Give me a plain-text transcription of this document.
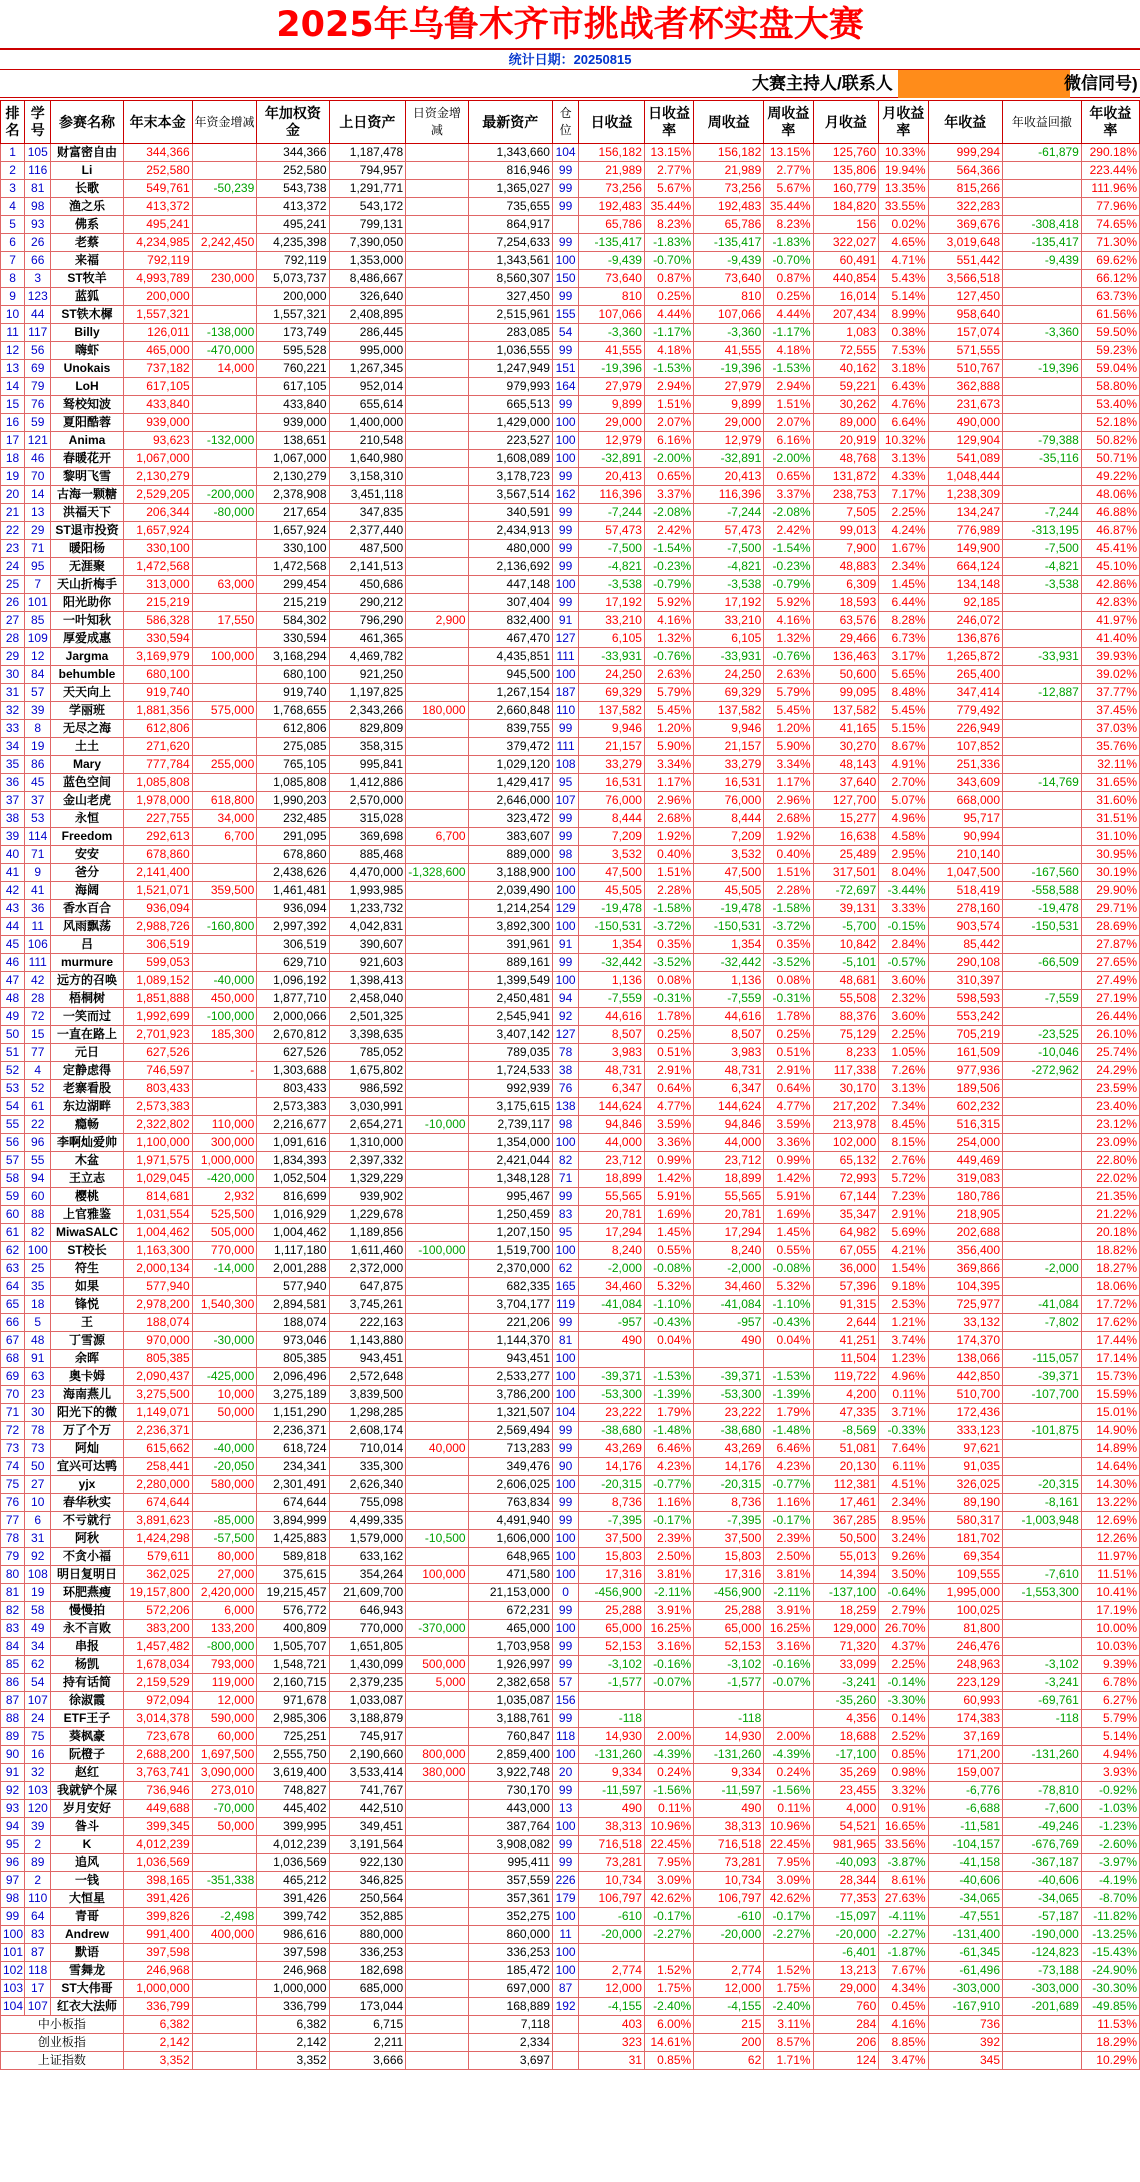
2025年乌鲁木齐市挑战者杯实盘大赛
统计日期：20250815
大赛主持人/联系人	微信同号)
排名	学号	参赛名称	年末本金	年资金增减	年加权资金	上日资产	日资金增减	最新资产	仓位	日收益	日收益率	周收益	周收益率	月收益	月收益率	年收益	年收益回撤	年收益率
1	105	财富密自由	344,366		344,366	1,187,478		1,343,660	104	156,182	13.15%	156,182	13.15%	125,760	10.33%	999,294	-61,879	290.18%
2	116	Li	252,580		252,580	794,957		816,946	99	21,989	2.77%	21,989	2.77%	135,806	19.94%	564,366		223.44%
3	81	长歌	549,761	-50,239	543,738	1,291,771		1,365,027	99	73,256	5.67%	73,256	5.67%	160,779	13.35%	815,266		111.96%
4	98	渔之乐	413,372		413,372	543,172		735,655	99	192,483	35.44%	192,483	35.44%	184,820	33.55%	322,283		77.96%
5	93	佛系	495,241		495,241	799,131		864,917		65,786	8.23%	65,786	8.23%	156	0.02%	369,676	-308,418	74.65%
6	26	老蔡	4,234,985	2,242,450	4,235,398	7,390,050		7,254,633	99	-135,417	-1.83%	-135,417	-1.83%	322,027	4.65%	3,019,648	-135,417	71.30%
7	66	来福	792,119		792,119	1,353,000		1,343,561	100	-9,439	-0.70%	-9,439	-0.70%	60,491	4.71%	551,442	-9,439	69.62%
8	3	ST牧羊	4,993,789	230,000	5,073,737	8,486,667		8,560,307	150	73,640	0.87%	73,640	0.87%	440,854	5.43%	3,566,518		66.12%
9	123	蓝狐	200,000		200,000	326,640		327,450	99	810	0.25%	810	0.25%	16,014	5.14%	127,450		63.73%
10	44	ST铁木樨	1,557,321		1,557,321	2,408,895		2,515,961	155	107,066	4.44%	107,066	4.44%	207,434	8.99%	958,640		61.56%
11	117	Billy	126,011	-138,000	173,749	286,445		283,085	54	-3,360	-1.17%	-3,360	-1.17%	1,083	0.38%	157,074	-3,360	59.50%
12	56	嗨虾	465,000	-470,000	595,528	995,000		1,036,555	99	41,555	4.18%	41,555	4.18%	72,555	7.53%	571,555		59.23%
13	69	Unokais	737,182	14,000	760,221	1,267,345		1,247,949	151	-19,396	-1.53%	-19,396	-1.53%	40,162	3.18%	510,767	-19,396	59.04%
14	79	LoH	617,105		617,105	952,014		979,993	164	27,979	2.94%	27,979	2.94%	59,221	6.43%	362,888		58.80%
15	76	驽校知波	433,840		433,840	655,614		665,513	99	9,899	1.51%	9,899	1.51%	30,262	4.76%	231,673		53.40%
16	59	夏阳酷蓉	939,000		939,000	1,400,000		1,429,000	100	29,000	2.07%	29,000	2.07%	89,000	6.64%	490,000		52.18%
17	121	Anima	93,623	-132,000	138,651	210,548		223,527	100	12,979	6.16%	12,979	6.16%	20,919	10.32%	129,904	-79,388	50.82%
18	46	春暖花开	1,067,000		1,067,000	1,640,980		1,608,089	100	-32,891	-2.00%	-32,891	-2.00%	48,768	3.13%	541,089	-35,116	50.71%
19	70	黎明飞雪	2,130,279		2,130,279	3,158,310		3,178,723	99	20,413	0.65%	20,413	0.65%	131,872	4.33%	1,048,444		49.22%
20	14	古海一颗糖	2,529,205	-200,000	2,378,908	3,451,118		3,567,514	162	116,396	3.37%	116,396	3.37%	238,753	7.17%	1,238,309		48.06%
21	13	洪福天下	206,344	-80,000	217,654	347,835		340,591	99	-7,244	-2.08%	-7,244	-2.08%	7,505	2.25%	134,247	-7,244	46.88%
22	29	ST退市投资	1,657,924		1,657,924	2,377,440		2,434,913	99	57,473	2.42%	57,473	2.42%	99,013	4.24%	776,989	-313,195	46.87%
23	71	暖阳杨	330,100		330,100	487,500		480,000	99	-7,500	-1.54%	-7,500	-1.54%	7,900	1.67%	149,900	-7,500	45.41%
24	95	无涯聚	1,472,568		1,472,568	2,141,513		2,136,692	99	-4,821	-0.23%	-4,821	-0.23%	48,883	2.34%	664,124	-4,821	45.10%
25	7	天山折梅手	313,000	63,000	299,454	450,686		447,148	100	-3,538	-0.79%	-3,538	-0.79%	6,309	1.45%	134,148	-3,538	42.86%
26	101	阳光助你	215,219		215,219	290,212		307,404	99	17,192	5.92%	17,192	5.92%	18,593	6.44%	92,185		42.83%
27	85	一叶知秋	586,328	17,550	584,302	796,290	2,900	832,400	91	33,210	4.16%	33,210	4.16%	63,576	8.28%	246,072		41.97%
28	109	厚爱成惠	330,594		330,594	461,365		467,470	127	6,105	1.32%	6,105	1.32%	29,466	6.73%	136,876		41.40%
29	12	Jargma	3,169,979	100,000	3,168,294	4,469,782		4,435,851	111	-33,931	-0.76%	-33,931	-0.76%	136,463	3.17%	1,265,872	-33,931	39.93%
30	84	behumble	680,100		680,100	921,250		945,500	100	24,250	2.63%	24,250	2.63%	50,600	5.65%	265,400		39.02%
31	57	天天向上	919,740		919,740	1,197,825		1,267,154	187	69,329	5.79%	69,329	5.79%	99,095	8.48%	347,414	-12,887	37.77%
32	39	学丽班	1,881,356	575,000	1,768,655	2,343,266	180,000	2,660,848	110	137,582	5.45%	137,582	5.45%	137,582	5.45%	779,492		37.45%
33	8	无尽之海	612,806		612,806	829,809		839,755	99	9,946	1.20%	9,946	1.20%	41,165	5.15%	226,949		37.03%
34	19	土土	271,620		275,085	358,315		379,472	111	21,157	5.90%	21,157	5.90%	30,270	8.67%	107,852		35.76%
35	86	Mary	777,784	255,000	765,105	995,841		1,029,120	108	33,279	3.34%	33,279	3.34%	48,143	4.91%	251,336		32.11%
36	45	蓝色空间	1,085,808		1,085,808	1,412,886		1,429,417	95	16,531	1.17%	16,531	1.17%	37,640	2.70%	343,609	-14,769	31.65%
37	37	金山老虎	1,978,000	618,800	1,990,203	2,570,000		2,646,000	107	76,000	2.96%	76,000	2.96%	127,700	5.07%	668,000		31.60%
38	53	永恒	227,755	34,000	232,485	315,028		323,472	99	8,444	2.68%	8,444	2.68%	15,277	4.96%	95,717		31.51%
39	114	Freedom	292,613	6,700	291,095	369,698	6,700	383,607	99	7,209	1.92%	7,209	1.92%	16,638	4.58%	90,994		31.10%
40	71	安安	678,860		678,860	885,468		889,000	98	3,532	0.40%	3,532	0.40%	25,489	2.95%	210,140		30.95%
41	9	爸分	2,141,400		2,438,626	4,470,000	-1,328,600	3,188,900	100	47,500	1.51%	47,500	1.51%	317,501	8.04%	1,047,500	-167,560	30.19%
42	41	海阔	1,521,071	359,500	1,461,481	1,993,985		2,039,490	100	45,505	2.28%	45,505	2.28%	-72,697	-3.44%	518,419	-558,588	29.90%
43	36	香水百合	936,094		936,094	1,233,732		1,214,254	129	-19,478	-1.58%	-19,478	-1.58%	39,131	3.33%	278,160	-19,478	29.71%
44	11	风雨飘荡	2,988,726	-160,800	2,997,392	4,042,831		3,892,300	100	-150,531	-3.72%	-150,531	-3.72%	-5,700	-0.15%	903,574	-150,531	28.69%
45	106	吕	306,519		306,519	390,607		391,961	91	1,354	0.35%	1,354	0.35%	10,842	2.84%	85,442		27.87%
46	111	murmure	599,053		629,710	921,603		889,161	99	-32,442	-3.52%	-32,442	-3.52%	-5,101	-0.57%	290,108	-66,509	27.65%
47	42	远方的召唤	1,089,152	-40,000	1,096,192	1,398,413		1,399,549	100	1,136	0.08%	1,136	0.08%	48,681	3.60%	310,397		27.49%
48	28	梧桐树	1,851,888	450,000	1,877,710	2,458,040		2,450,481	94	-7,559	-0.31%	-7,559	-0.31%	55,508	2.32%	598,593	-7,559	27.19%
49	72	一笑而过	1,992,699	-100,000	2,000,066	2,501,325		2,545,941	92	44,616	1.78%	44,616	1.78%	88,376	3.60%	553,242		26.44%
50	15	一直在路上	2,701,923	185,300	2,670,812	3,398,635		3,407,142	127	8,507	0.25%	8,507	0.25%	75,129	2.25%	705,219	-23,525	26.10%
51	77	元日	627,526		627,526	785,052		789,035	78	3,983	0.51%	3,983	0.51%	8,233	1.05%	161,509	-10,046	25.74%
52	4	定静虑得	746,597	-	1,303,688	1,675,802		1,724,533	38	48,731	2.91%	48,731	2.91%	117,338	7.26%	977,936	-272,962	24.29%
53	52	老寨看股	803,433		803,433	986,592		992,939	76	6,347	0.64%	6,347	0.64%	30,170	3.13%	189,506		23.59%
54	61	东边湖畔	2,573,383		2,573,383	3,030,991		3,175,615	138	144,624	4.77%	144,624	4.77%	217,202	7.34%	602,232		23.40%
55	22	瘾畅	2,322,802	110,000	2,216,677	2,654,271	-10,000	2,739,117	98	94,846	3.59%	94,846	3.59%	213,978	8.45%	516,315		23.12%
56	96	李啊灿爱帅	1,100,000	300,000	1,091,616	1,310,000		1,354,000	100	44,000	3.36%	44,000	3.36%	102,000	8.15%	254,000		23.09%
57	55	木盆	1,971,575	1,000,000	1,834,393	2,397,332		2,421,044	82	23,712	0.99%	23,712	0.99%	65,132	2.76%	449,469		22.80%
58	94	王立志	1,029,045	-420,000	1,052,504	1,329,229		1,348,128	71	18,899	1.42%	18,899	1.42%	72,993	5.72%	319,083		22.02%
59	60	樱桃	814,681	2,932	816,699	939,902		995,467	99	55,565	5.91%	55,565	5.91%	67,144	7.23%	180,786		21.35%
60	88	上官雅鉴	1,031,554	525,500	1,016,929	1,229,678		1,250,459	83	20,781	1.69%	20,781	1.69%	35,347	2.91%	218,905		21.22%
61	82	MiwaSALC	1,004,462	505,000	1,004,462	1,189,856		1,207,150	95	17,294	1.45%	17,294	1.45%	64,982	5.69%	202,688		20.18%
62	100	ST校长	1,163,300	770,000	1,117,180	1,611,460	-100,000	1,519,700	100	8,240	0.55%	8,240	0.55%	67,055	4.21%	356,400		18.82%
63	25	符生	2,000,134	-14,000	2,001,288	2,372,000		2,370,000	62	-2,000	-0.08%	-2,000	-0.08%	36,000	1.54%	369,866	-2,000	18.27%
64	35	如果	577,940		577,940	647,875		682,335	165	34,460	5.32%	34,460	5.32%	57,396	9.18%	104,395		18.06%
65	18	锋悦	2,978,200	1,540,300	2,894,581	3,745,261		3,704,177	119	-41,084	-1.10%	-41,084	-1.10%	91,315	2.53%	725,977	-41,084	17.72%
66	5	王	188,074		188,074	222,163		221,206	99	-957	-0.43%	-957	-0.43%	2,644	1.21%	33,132	-7,802	17.62%
67	48	丁雪源	970,000	-30,000	973,046	1,143,880		1,144,370	81	490	0.04%	490	0.04%	41,251	3.74%	174,370		17.44%
68	91	余晖	805,385		805,385	943,451		943,451	100					11,504	1.23%	138,066	-115,057	17.14%
69	63	奥卡姆	2,090,437	-425,000	2,096,496	2,572,648		2,533,277	100	-39,371	-1.53%	-39,371	-1.53%	119,722	4.96%	442,850	-39,371	15.73%
70	23	海南燕儿	3,275,500	10,000	3,275,189	3,839,500		3,786,200	100	-53,300	-1.39%	-53,300	-1.39%	4,200	0.11%	510,700	-107,700	15.59%
71	30	阳光下的微	1,149,071	50,000	1,151,290	1,298,285		1,321,507	104	23,222	1.79%	23,222	1.79%	47,335	3.71%	172,436		15.01%
72	78	万了个万	2,236,371		2,236,371	2,608,174		2,569,494	99	-38,680	-1.48%	-38,680	-1.48%	-8,569	-0.33%	333,123	-101,875	14.90%
73	73	阿灿	615,662	-40,000	618,724	710,014	40,000	713,283	99	43,269	6.46%	43,269	6.46%	51,081	7.64%	97,621		14.89%
74	50	宜兴可达鸭	258,441	-20,050	234,341	335,300		349,476	90	14,176	4.23%	14,176	4.23%	20,130	6.11%	91,035		14.64%
75	27	yjx	2,280,000	580,000	2,301,491	2,626,340		2,606,025	100	-20,315	-0.77%	-20,315	-0.77%	112,381	4.51%	326,025	-20,315	14.30%
76	10	春华秋实	674,644		674,644	755,098		763,834	99	8,736	1.16%	8,736	1.16%	17,461	2.34%	89,190	-8,161	13.22%
77	6	不亏就行	3,891,623	-85,000	3,894,999	4,499,335		4,491,940	99	-7,395	-0.17%	-7,395	-0.17%	367,285	8.95%	580,317	-1,003,948	12.69%
78	31	阿秋	1,424,298	-57,500	1,425,883	1,579,000	-10,500	1,606,000	100	37,500	2.39%	37,500	2.39%	50,500	3.24%	181,702		12.26%
79	92	不贪小福	579,611	80,000	589,818	633,162		648,965	100	15,803	2.50%	15,803	2.50%	55,013	9.26%	69,354		11.97%
80	108	明日复明日	362,025	27,000	375,615	354,264	100,000	471,580	100	17,316	3.81%	17,316	3.81%	14,394	3.50%	109,555	-7,610	11.51%
81	19	环肥燕瘦	19,157,800	2,420,000	19,215,457	21,609,700		21,153,000	0	-456,900	-2.11%	-456,900	-2.11%	-137,100	-0.64%	1,995,000	-1,553,300	10.41%
82	58	慢慢拍	572,206	6,000	576,772	646,943		672,231	99	25,288	3.91%	25,288	3.91%	18,259	2.79%	100,025		17.19%
83	49	永不言败	383,200	133,200	400,809	770,000	-370,000	465,000	100	65,000	16.25%	65,000	16.25%	129,000	26.70%	81,800		10.00%
84	34	串报	1,457,482	-800,000	1,505,707	1,651,805		1,703,958	99	52,153	3.16%	52,153	3.16%	71,320	4.37%	246,476		10.03%
85	62	杨凯	1,678,034	793,000	1,548,721	1,430,099	500,000	1,926,997	99	-3,102	-0.16%	-3,102	-0.16%	33,099	2.25%	248,963	-3,102	9.39%
86	54	持有话简	2,159,529	119,000	2,160,715	2,379,235	5,000	2,382,658	57	-1,577	-0.07%	-1,577	-0.07%	-3,241	-0.14%	223,129	-3,241	6.78%
87	107	徐淑霞	972,094	12,000	971,678	1,033,087		1,035,087	156					-35,260	-3.30%	60,993	-69,761	6.27%
88	24	ETF王子	3,014,378	590,000	2,985,306	3,188,879		3,188,761	99	-118		-118		4,356	0.14%	174,383	-118	5.79%
89	75	葵枫豪	723,678	60,000	725,251	745,917		760,847	118	14,930	2.00%	14,930	2.00%	18,688	2.52%	37,169		5.14%
90	16	阮橙子	2,688,200	1,697,500	2,555,750	2,190,660	800,000	2,859,400	100	-131,260	-4.39%	-131,260	-4.39%	-17,100	0.85%	171,200	-131,260	4.94%
91	32	赵红	3,763,741	3,090,000	3,619,400	3,533,414	380,000	3,922,748	20	9,334	0.24%	9,334	0.24%	35,269	0.98%	159,007		3.93%
92	103	我就铲个屎	736,946	273,010	748,827	741,767		730,170	99	-11,597	-1.56%	-11,597	-1.56%	23,455	3.32%	-6,776	-78,810	-0.92%
93	120	岁月安好	449,688	-70,000	445,402	442,510		443,000	13	490	0.11%	490	0.11%	4,000	0.91%	-6,688	-7,600	-1.03%
94	39	昝斗	399,345	50,000	399,995	349,451		387,764	100	38,313	10.96%	38,313	10.96%	54,521	16.65%	-11,581	-49,246	-1.23%
95	2	K	4,012,239		4,012,239	3,191,564		3,908,082	99	716,518	22.45%	716,518	22.45%	981,965	33.56%	-104,157	-676,769	-2.60%
96	89	追风	1,036,569		1,036,569	922,130		995,411	99	73,281	7.95%	73,281	7.95%	-40,093	-3.87%	-41,158	-367,187	-3.97%
97	2	一钱	398,165	-351,338	465,212	346,825		357,559	226	10,734	3.09%	10,734	3.09%	28,344	8.61%	-40,606	-40,606	-4.19%
98	110	大恒星	391,426		391,426	250,564		357,361	179	106,797	42.62%	106,797	42.62%	77,353	27.63%	-34,065	-34,065	-8.70%
99	64	青哥	399,826	-2,498	399,742	352,885		352,275	100	-610	-0.17%	-610	-0.17%	-15,097	-4.11%	-47,551	-57,187	-11.82%
100	83	Andrew	991,400	400,000	986,616	880,000		860,000	11	-20,000	-2.27%	-20,000	-2.27%	-20,000	-2.27%	-131,400	-190,000	-13.25%
101	87	默语	397,598		397,598	336,253		336,253	100					-6,401	-1.87%	-61,345	-124,823	-15.43%
102	118	雪舞龙	246,968		246,968	182,698		185,472	100	2,774	1.52%	2,774	1.52%	13,213	7.67%	-61,496	-73,188	-24.90%
103	17	ST大伟哥	1,000,000		1,000,000	685,000		697,000	87	12,000	1.75%	12,000	1.75%	29,000	4.34%	-303,000	-303,000	-30.30%
104	107	红衣大法师	336,799		336,799	173,044		168,889	192	-4,155	-2.40%	-4,155	-2.40%	760	0.45%	-167,910	-201,689	-49.85%
中小板指			6,382		6,382	6,715		7,118		403	6.00%	215	3.11%	284	4.16%	736		11.53%
创业板指			2,142		2,142	2,211		2,334		323	14.61%	200	8.57%	206	8.85%	392		18.29%
上证指数			3,352		3,352	3,666		3,697		31	0.85%	62	1.71%	124	3.47%	345		10.29%
